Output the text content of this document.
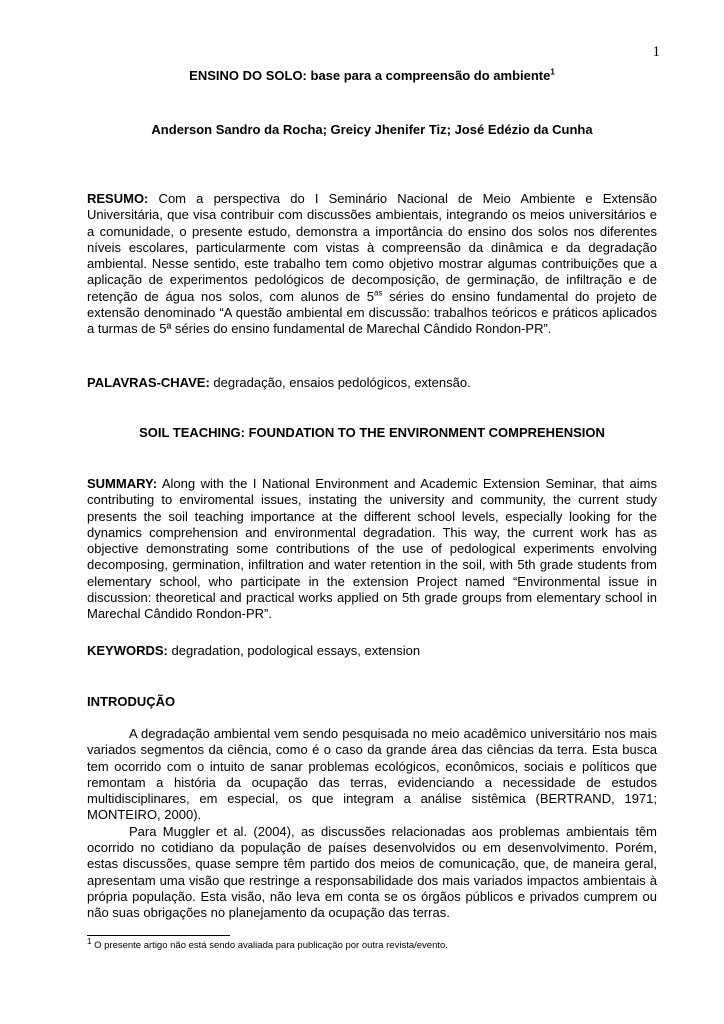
1
ENSINO DO SOLO: base para a compreensão do ambiente$^1$
Anderson Sandro da Rocha; Greicy Jhenifer Tiz; José Edézio da Cunha
RESUMO: Com a perspectiva do I Seminário Nacional de Meio Ambiente e Extensão Universitária, que visa contribuir com discussões ambientais, integrando os meios universitários e a comunidade, o presente estudo, demonstra a importância do ensino dos solos nos diferentes níveis escolares, particularmente com vistas à compreensão da dinâmica e da degradação ambiental. Nesse sentido, este trabalho tem como objetivo mostrar algumas contribuições que a aplicação de experimentos pedológicos de decomposição, de germinação, de infiltração e de retenção de água nos solos, com alunos de $5^{as}$ séries do ensino fundamental do projeto de extensão denominado “A questão ambiental em discussão: trabalhos teóricos e práticos aplicados a turmas de 5ª séries do ensino fundamental de Marechal Cândido Rondon-PR”.
PALAVRAS-CHAVE: degradação, ensaios pedológicos, extensão.
SOIL TEACHING: FOUNDATION TO THE ENVIRONMENT COMPREHENSION
SUMMARY: Along with the I National Environment and Academic Extension Seminar, that aims contributing to enviromental issues, instating the university and community, the current study presents the soil teaching importance at the different school levels, especially looking for the dynamics comprehension and environmental degradation. This way, the current work has as objective demonstrating some contributions of the use of pedological experiments envolving decomposing, germination, infiltration and water retention in the soil, with 5th grade students from elementary school, who participate in the extension Project named “Environmental issue in discussion: theoretical and practical works applied on 5th grade groups from elementary school in Marechal Cândido Rondon-PR”.
KEYWORDS: degradation, podological essays, extension
INTRODUÇÃO

A degradação ambiental vem sendo pesquisada no meio acadêmico universitário nos mais variados segmentos da ciência, como é o caso da grande área das ciências da terra. Esta busca tem ocorrido com o intuito de sanar problemas ecológicos, econômicos, sociais e políticos que remontam a história da ocupação das terras, evidenciando a necessidade de estudos multidisciplinares, em especial, os que integram a análise sistêmica (BERTRAND, 1971; MONTEIRO, 2000).

Para Muggler et al. (2004), as discussões relacionadas aos problemas ambientais têm ocorrido no cotidiano da população de países desenvolvidos ou em desenvolvimento. Porém, estas discussões, quase sempre têm partido dos meios de comunicação, que, de maneira geral, apresentam uma visão que restringe a responsabilidade dos mais variados impactos ambientais à própria população. Esta visão, não leva em conta se os órgãos públicos e privados cumprem ou não suas obrigações no planejamento da ocupação das terras.

$^1$ O presente artigo não está sendo avaliada para publicação por outra revista/evento.
